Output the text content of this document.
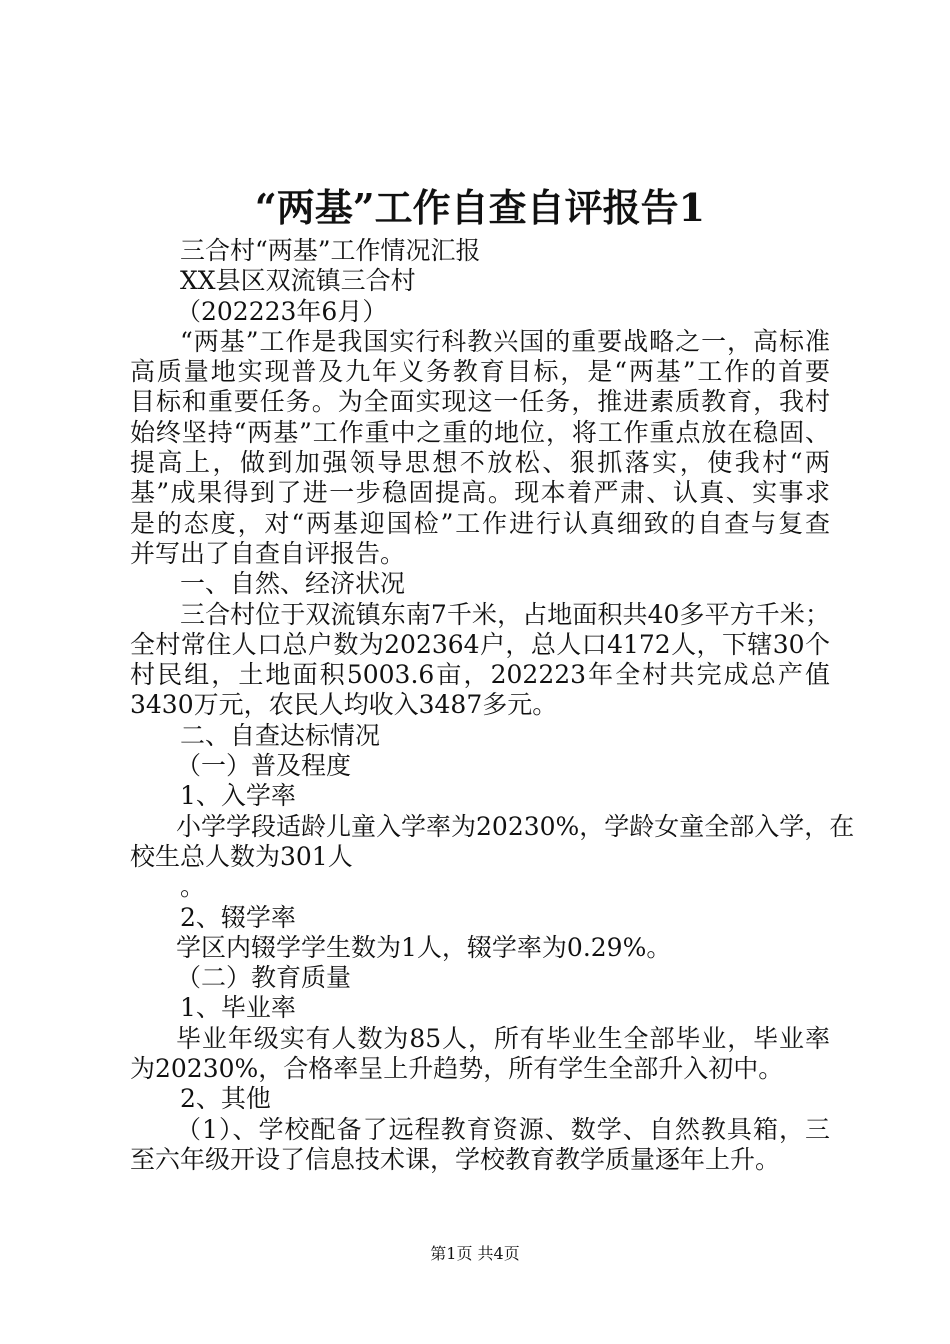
“两基”工作自查自评报告1
三合村“两基”工作情况汇报
XX县区双流镇三合村
（202223年6月）
“两基”工作是我国实行科教兴国的重要战略之一，高标准
高质量地实现普及九年义务教育目标，是“两基”工作的首要
目标和重要任务。为全面实现这一任务，推进素质教育，我村
始终坚持“两基”工作重中之重的地位，将工作重点放在稳固、
提高上，做到加强领导思想不放松、狠抓落实，使我村“两
基”成果得到了进一步稳固提高。现本着严肃、认真、实事求
是的态度，对“两基迎国检”工作进行认真细致的自查与复查
并写出了自查自评报告。
一、自然、经济状况
三合村位于双流镇东南7千米，占地面积共40多平方千米；
全村常住人口总户数为202364户，总人口4172人，下辖30个
村民组，土地面积5003.6亩，202223年全村共完成总产值
3430万元，农民人均收入3487多元。
二、自查达标情况
（一）普及程度
1、入学率
小学学段适龄儿童入学率为20230%，学龄女童全部入学，在
校生总人数为301人
。
2、辍学率
学区内辍学学生数为1人，辍学率为0.29%。
（二）教育质量
1、毕业率
毕业年级实有人数为85人，所有毕业生全部毕业，毕业率
为20230%，合格率呈上升趋势，所有学生全部升入初中。
2、其他
（1）、学校配备了远程教育资源、数学、自然教具箱，三
至六年级开设了信息技术课，学校教育教学质量逐年上升。
第1页 共4页
